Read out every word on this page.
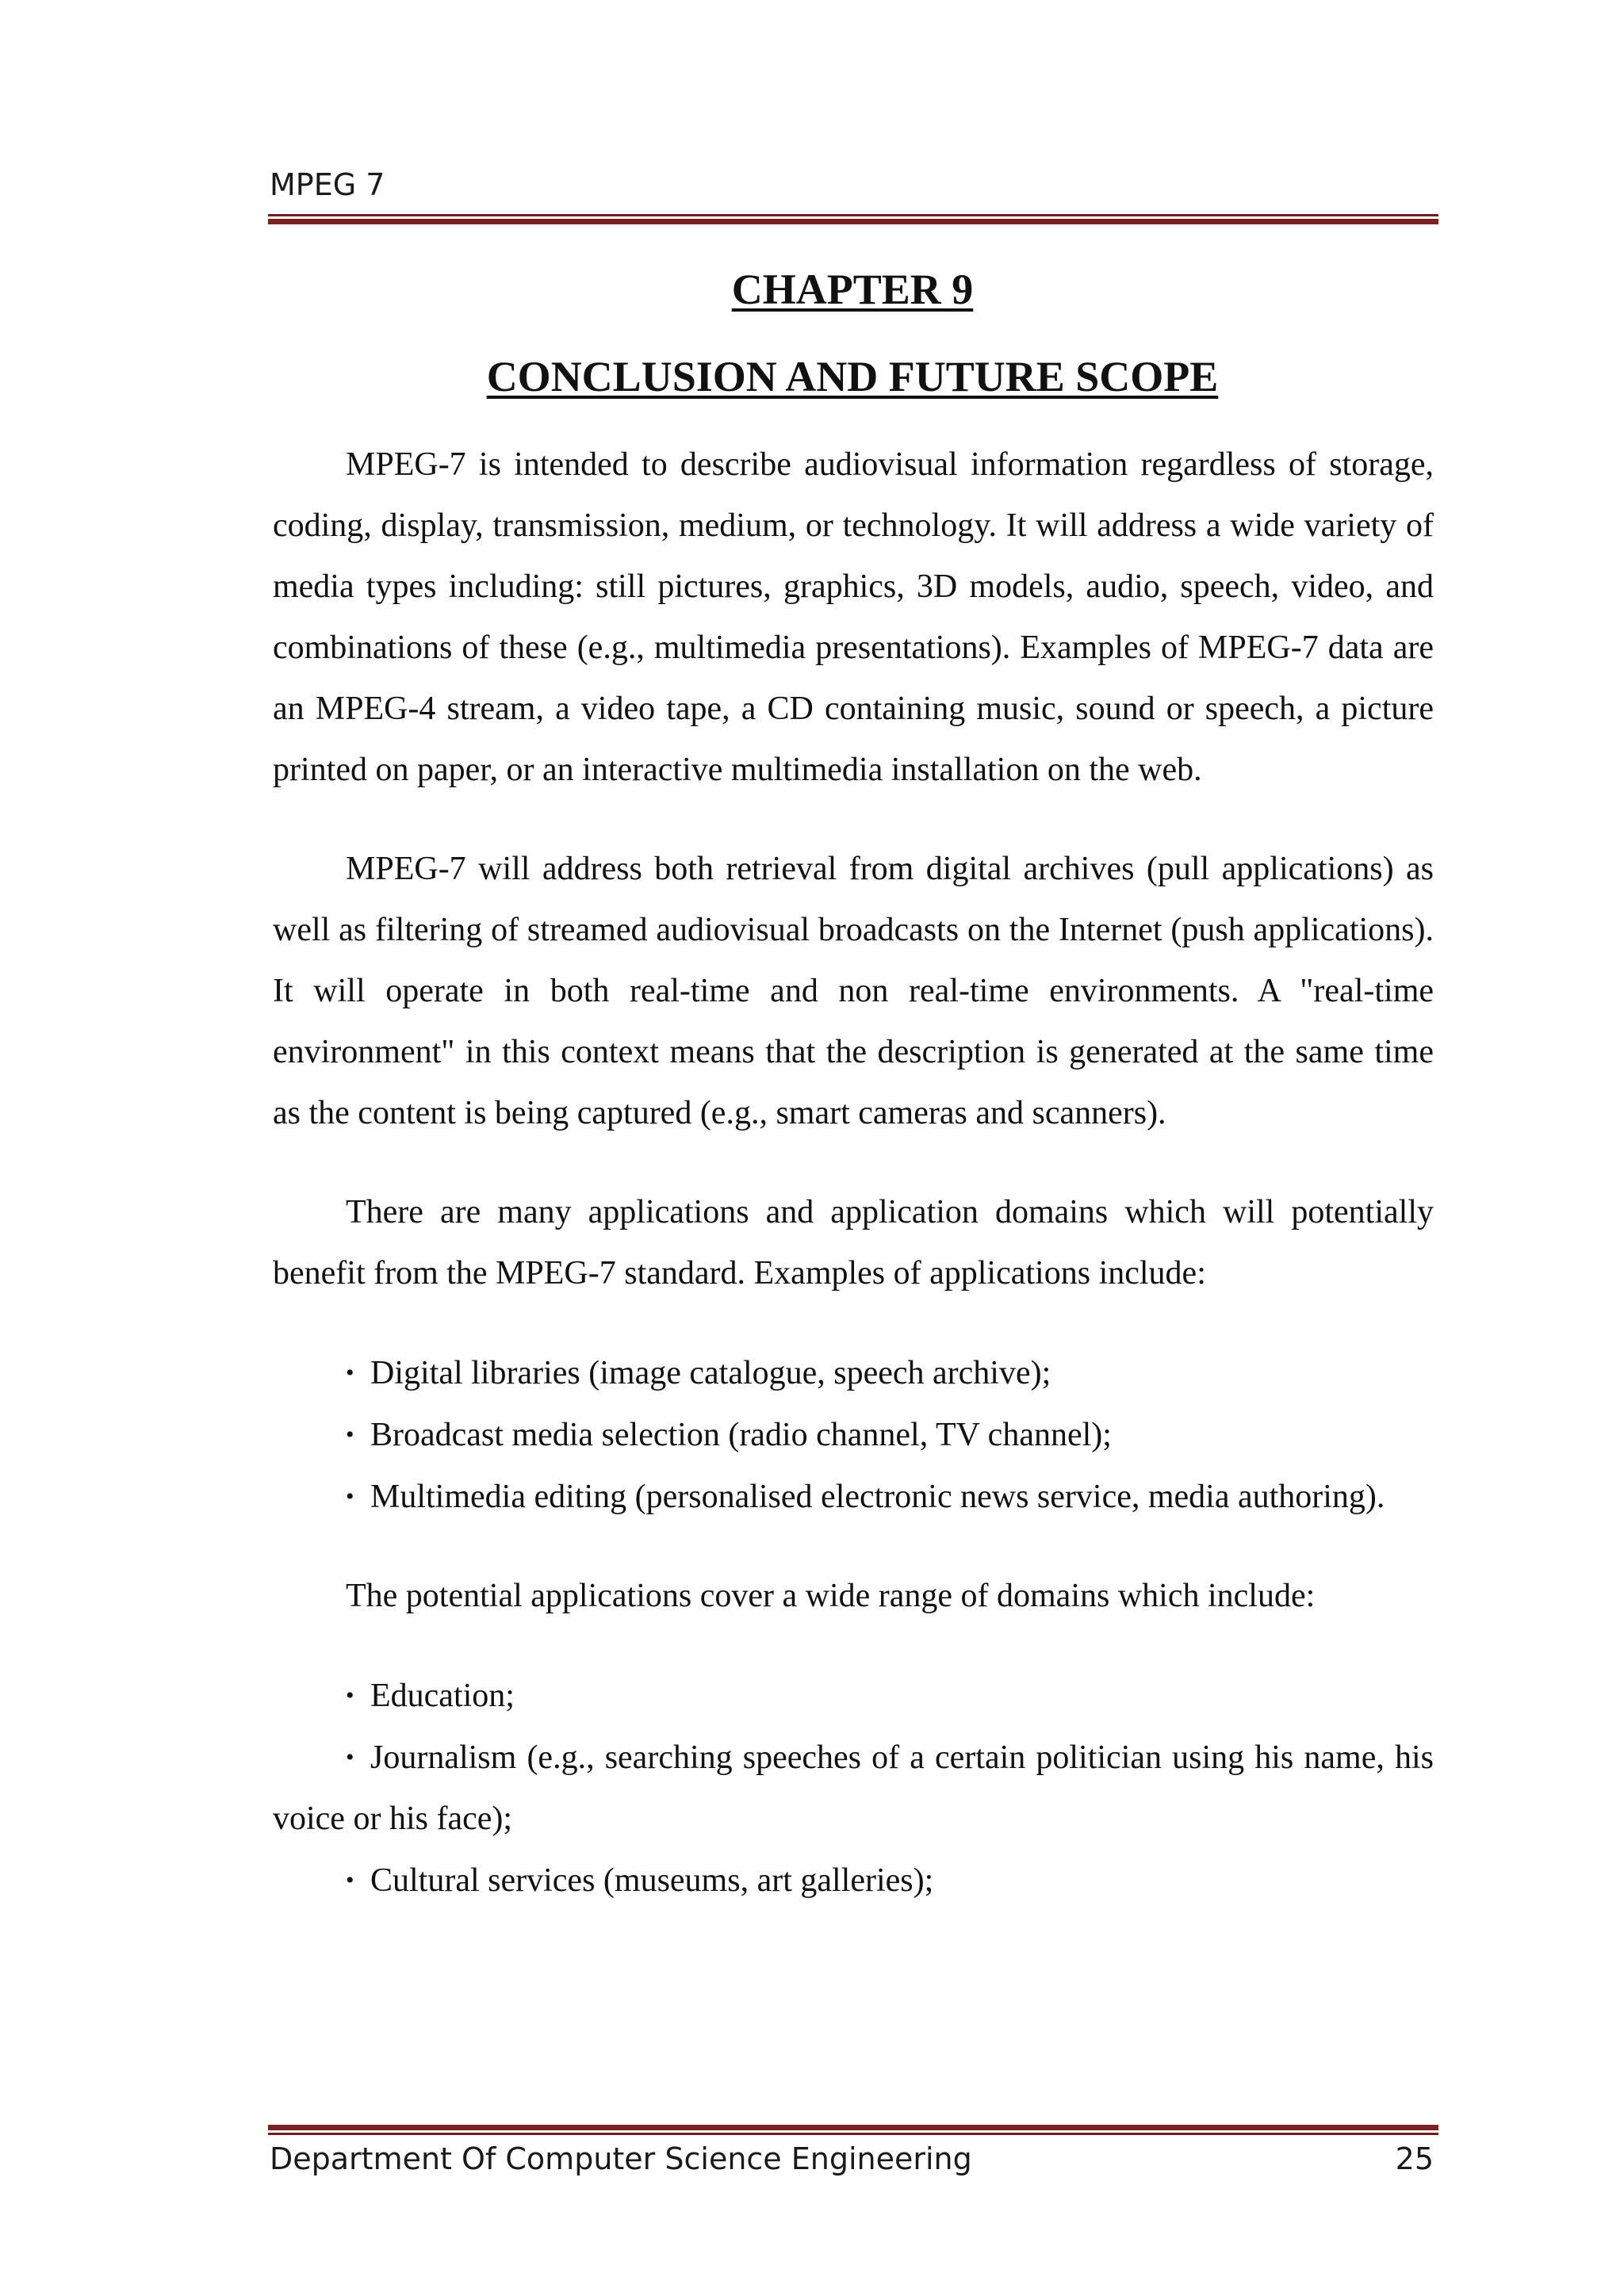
MPEG 7
CHAPTER 9
CONCLUSION AND FUTURE SCOPE

MPEG-7 is intended to describe audiovisual information regardless of storage, coding, display, transmission, medium, or technology. It will address a wide variety of media types including: still pictures, graphics, 3D models, audio, speech, video, and combinations of these (e.g., multimedia presentations). Examples of MPEG-7 data are an MPEG-4 stream, a video tape, a CD containing music, sound or speech, a picture printed on paper, or an interactive multimedia installation on the web.

MPEG-7 will address both retrieval from digital archives (pull applications) as well as filtering of streamed audiovisual broadcasts on the Internet (push applications). It will operate in both real-time and non real-time environments. A "real-time environment" in this context means that the description is generated at the same time as the content is being captured (e.g., smart cameras and scanners).

There are many applications and application domains which will potentially benefit from the MPEG-7 standard. Examples of applications include:

• Digital libraries (image catalogue, speech archive);
• Broadcast media selection (radio channel, TV channel);
• Multimedia editing (personalised electronic news service, media authoring).

The potential applications cover a wide range of domains which include:

• Education;
• Journalism (e.g., searching speeches of a certain politician using his name, his voice or his face);
• Cultural services (museums, art galleries);
Department Of Computer Science Engineering	25
